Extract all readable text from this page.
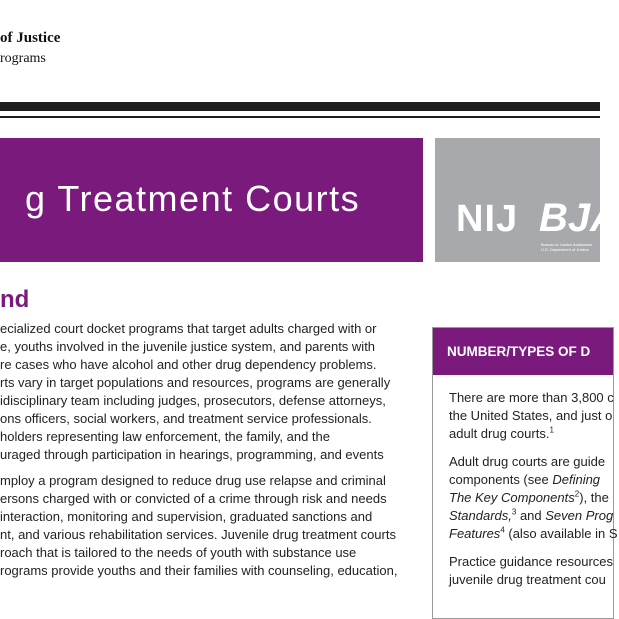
of Justice
rograms
g Treatment Courts	NIJ BJA
Bureau of Justice Assistance
U.S. Department of Justice
nd
ecialized court docket programs that target adults charged with or
e, youths involved in the juvenile justice system, and parents with
re cases who have alcohol and other drug dependency problems.
rts vary in target populations and resources, programs are generally
idisciplinary team including judges, prosecutors, defense attorneys,
ons officers, social workers, and treatment service professionals.
holders representing law enforcement, the family, and the
uraged through participation in hearings, programming, and events
mploy a program designed to reduce drug use relapse and criminal
ersons charged with or convicted of a crime through risk and needs
interaction, monitoring and supervision, graduated sanctions and
nt, and various rehabilitation services. Juvenile drug treatment courts
roach that is tailored to the needs of youth with substance use
rograms provide youths and their families with counseling, education,
NUMBER/TYPES OF D

There are more than 3,800 c
the United States, and just o
adult drug courts.$^1$

Adult drug courts are guide
components (see Defining
The Key Components$^2$), the
Standards,$^3$ and Seven Prog
Features$^4$ (also available in S

Practice guidance resources
juvenile drug treatment cou
